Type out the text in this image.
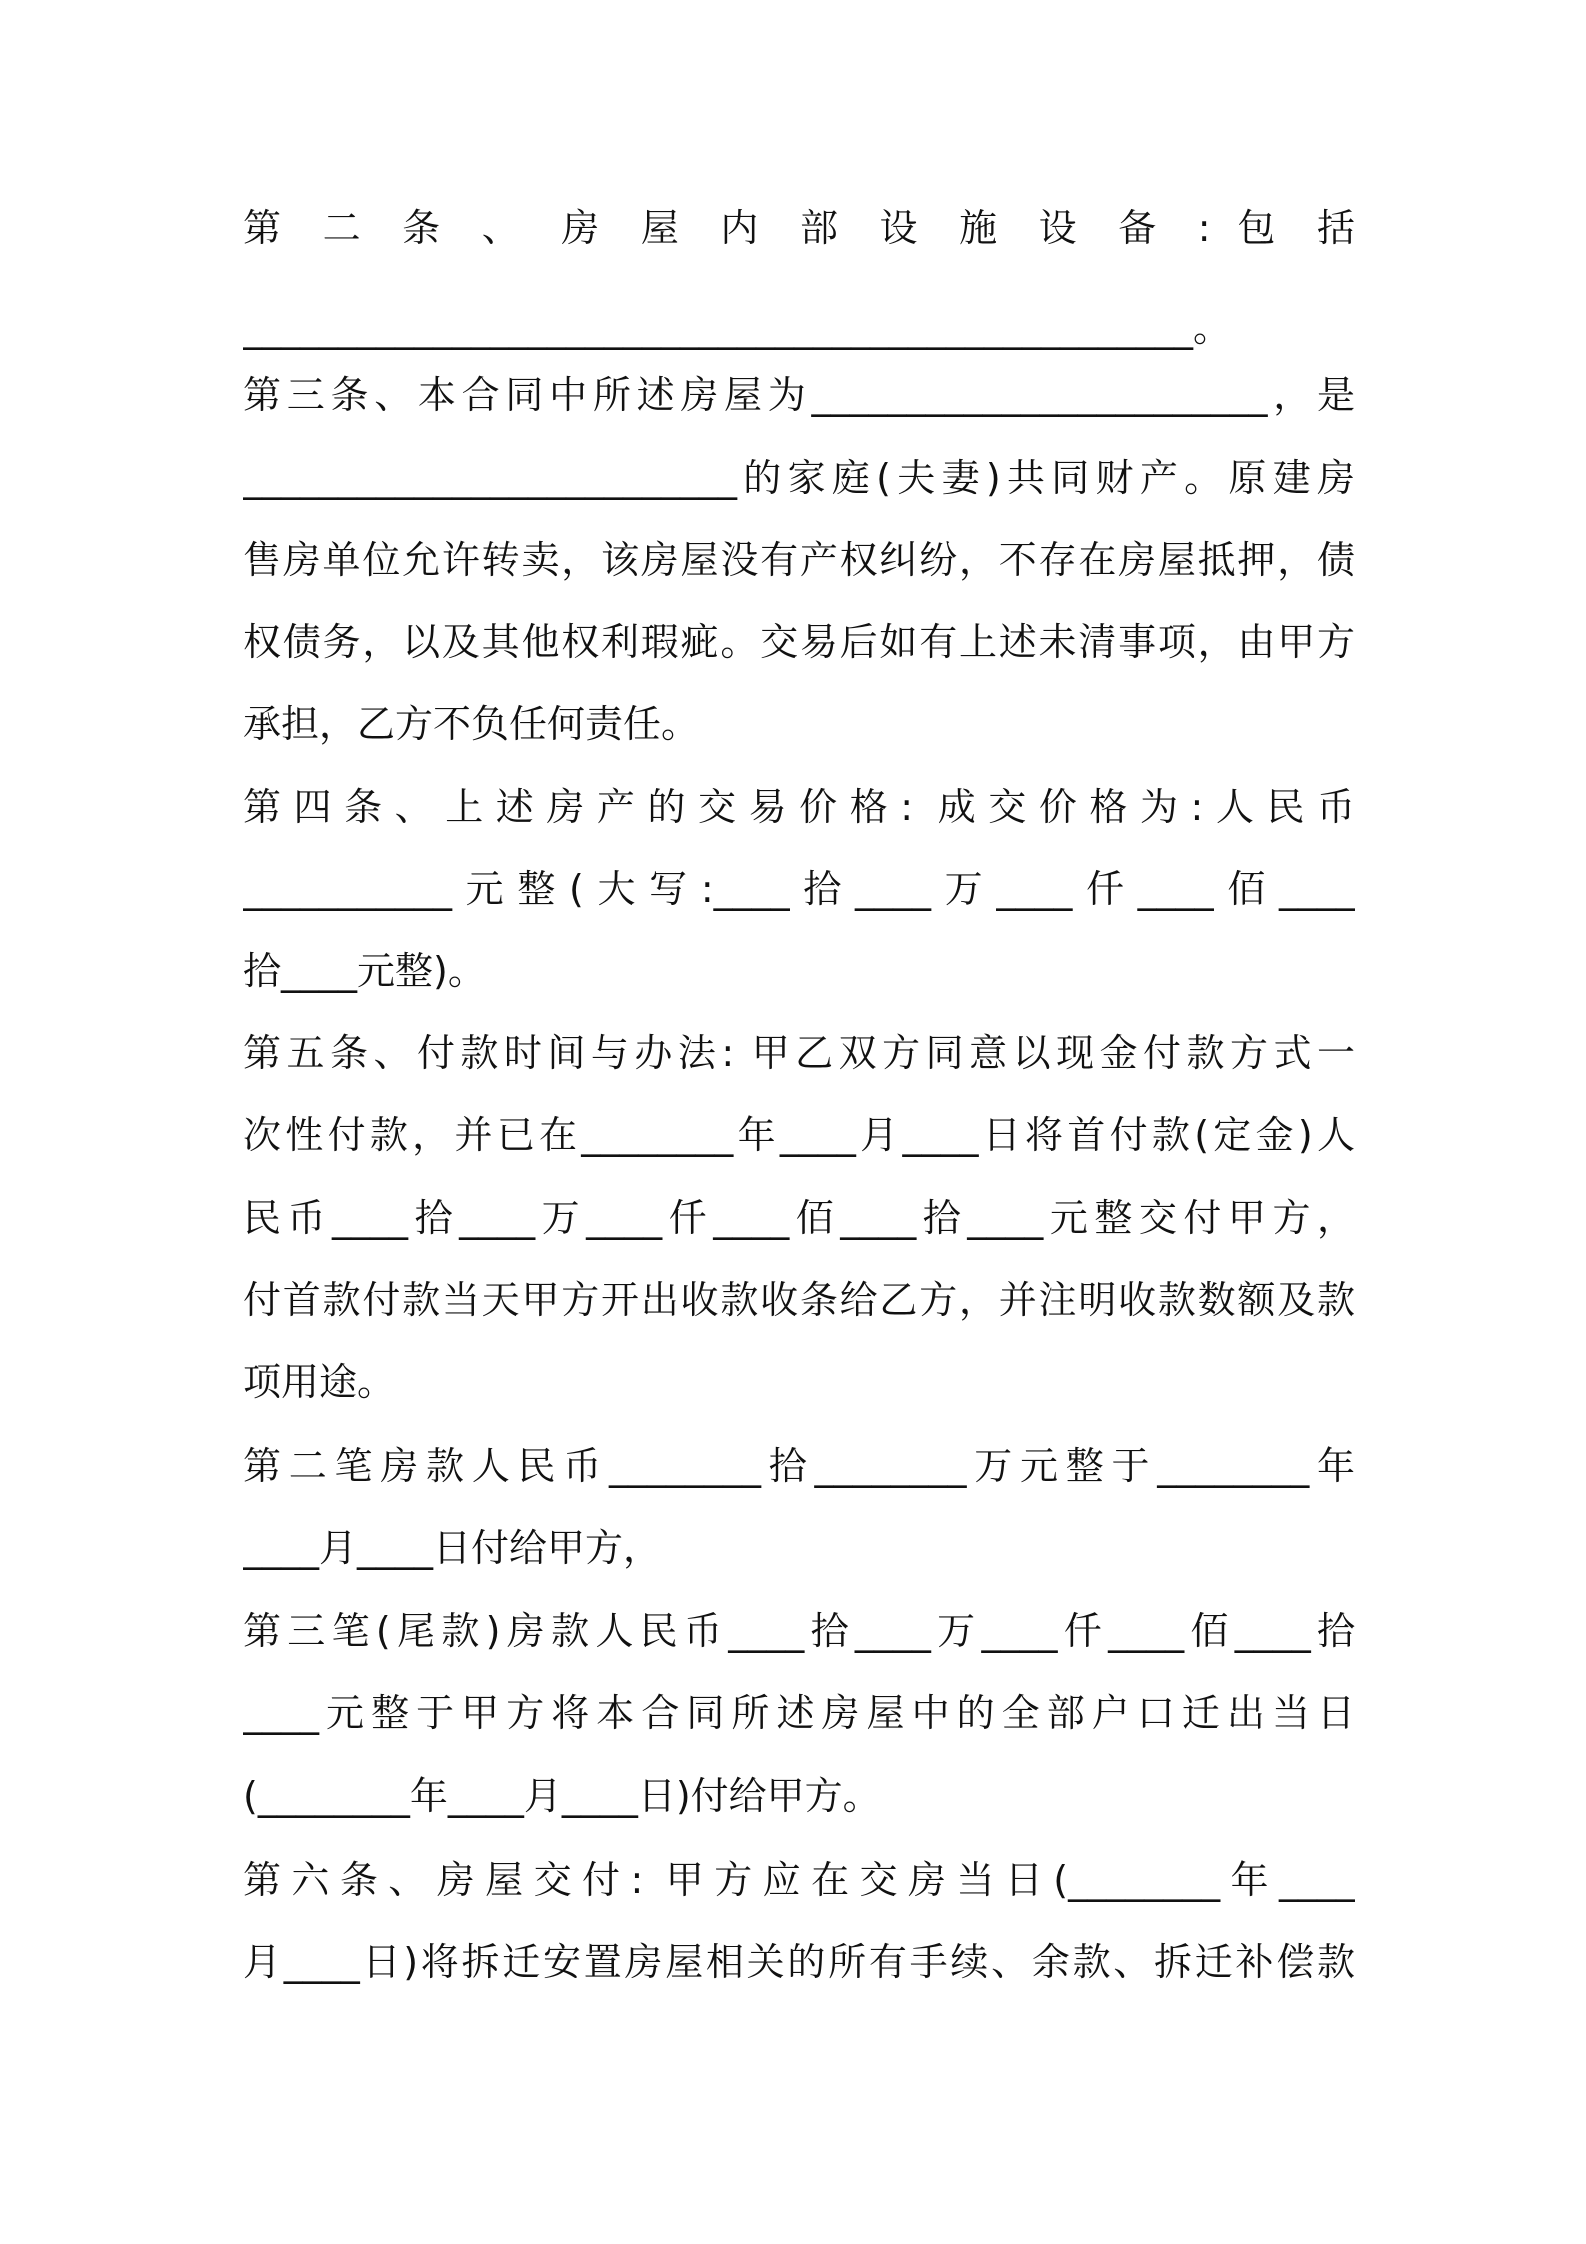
第 二 条 、 房 屋 内 部 设 施 设 备 : 包 括
__________________________________________________。
第三条、本合同中所述房屋为________________________，是
__________________________的家庭(夫妻)共同财产。原建房
售房单位允许转卖，该房屋没有产权纠纷，不存在房屋抵押，债
权债务，以及其他权利瑕疵。交易后如有上述未清事项，由甲方
承担，乙方不负任何责任。
第四条、上述房产的交易价格: 成交价格为:人民币
___________元整(大写:____拾____万____仟____佰____
拾____元整)。
第五条、付款时间与办法: 甲乙双方同意以现金付款方式一
次性付款，并已在________年____月____日将首付款(定金)人
民币____拾____万____仟____佰____拾____元整交付甲方，
付首款付款当天甲方开出收款收条给乙方，并注明收款数额及款
项用途。
第二笔房款人民币________拾________万元整于________年
____月____日付给甲方，
第三笔(尾款)房款人民币____拾____万____仟____佰____拾
____元整于甲方将本合同所述房屋中的全部户口迁出当日
(________年____月____日)付给甲方。
第六条、房屋交付: 甲方应在交房当日(________年____
月____日)将拆迁安置房屋相关的所有手续、余款、拆迁补偿款
